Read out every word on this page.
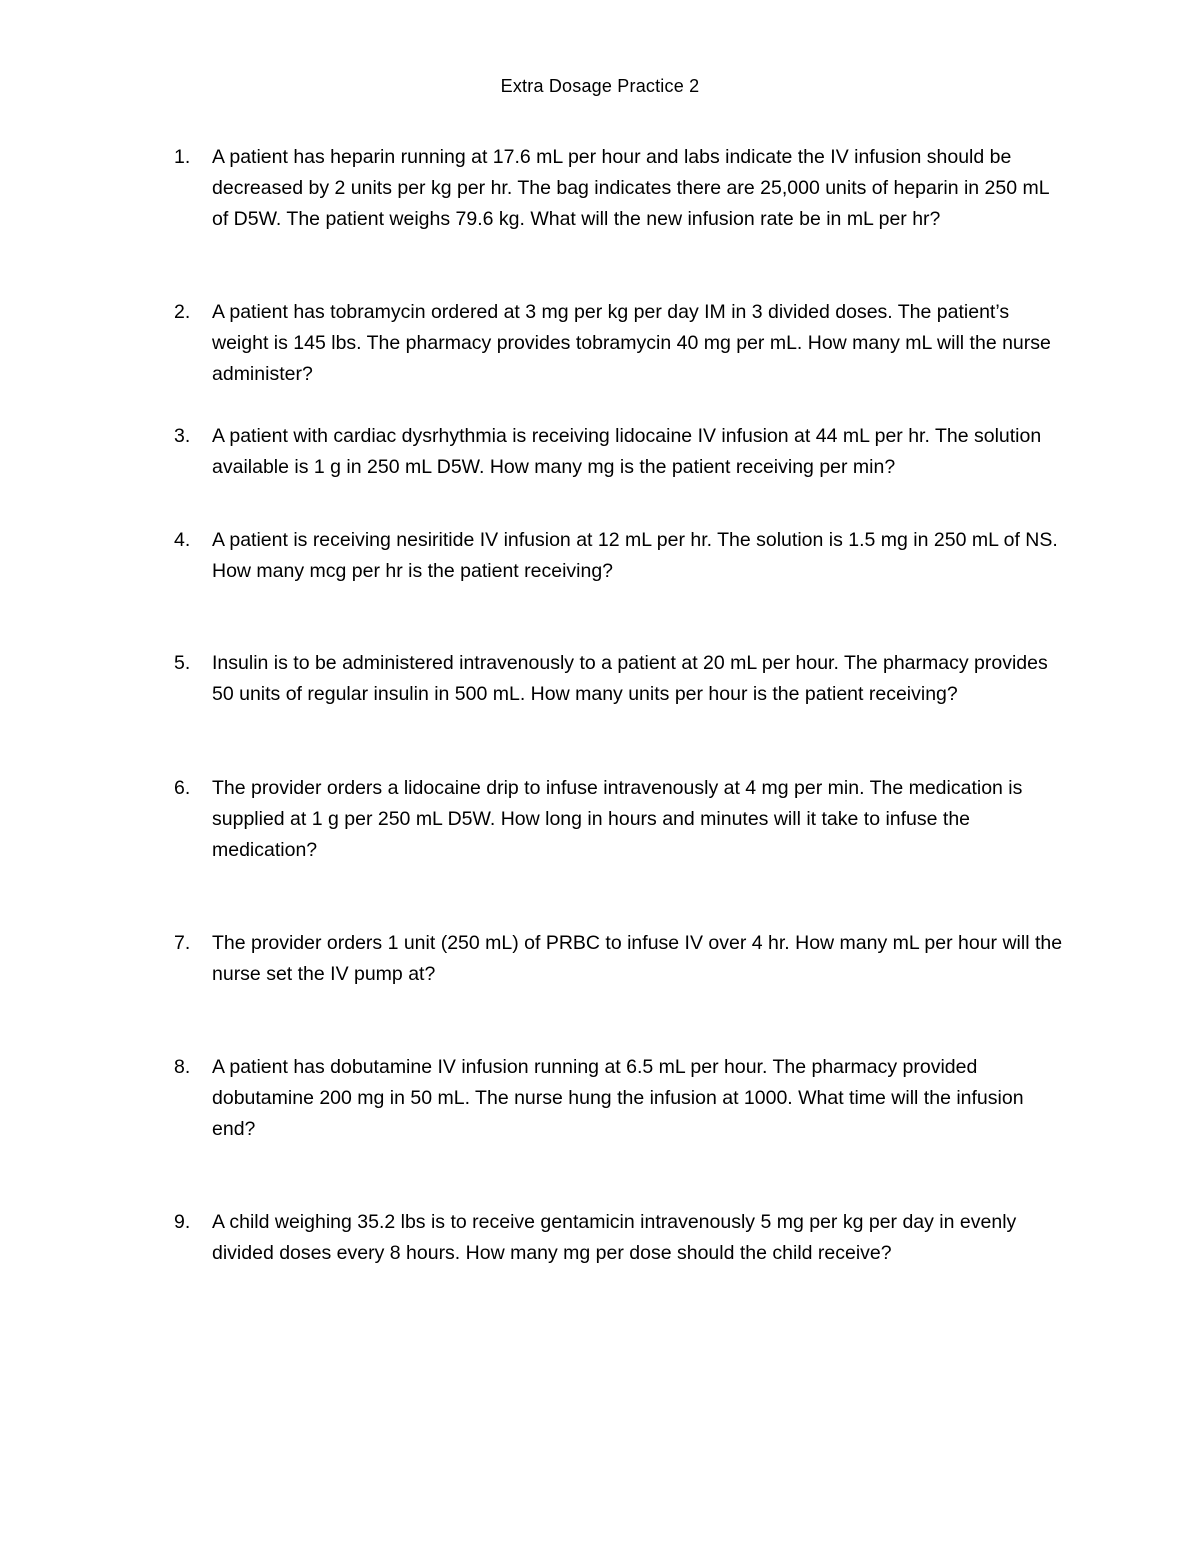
Extra Dosage Practice 2
1.	A patient has heparin running at 17.6 mL per hour and labs indicate the IV infusion should be decreased by 2 units per kg per hr. The bag indicates there are 25,000 units of heparin in 250 mL of D5W. The patient weighs 79.6 kg. What will the new infusion rate be in mL per hr?
2.	A patient has tobramycin ordered at 3 mg per kg per day IM in 3 divided doses. The patient’s weight is 145 lbs. The pharmacy provides tobramycin 40 mg per mL. How many mL will the nurse administer?
3.	A patient with cardiac dysrhythmia is receiving lidocaine IV infusion at 44 mL per hr. The solution available is 1 g in 250 mL D5W. How many mg is the patient receiving per min?
4.	A patient is receiving nesiritide IV infusion at 12 mL per hr. The solution is 1.5 mg in 250 mL of NS. How many mcg per hr is the patient receiving?
5.	Insulin is to be administered intravenously to a patient at 20 mL per hour. The pharmacy provides 50 units of regular insulin in 500 mL. How many units per hour is the patient receiving?
6.	The provider orders a lidocaine drip to infuse intravenously at 4 mg per min. The medication is supplied at 1 g per 250 mL D5W. How long in hours and minutes will it take to infuse the medication?
7.	The provider orders 1 unit (250 mL) of PRBC to infuse IV over 4 hr. How many mL per hour will the nurse set the IV pump at?
8.	A patient has dobutamine IV infusion running at 6.5 mL per hour. The pharmacy provided dobutamine 200 mg in 50 mL. The nurse hung the infusion at 1000. What time will the infusion end?
9.	A child weighing 35.2 lbs is to receive gentamicin intravenously 5 mg per kg per day in evenly divided doses every 8 hours. How many mg per dose should the child receive?
